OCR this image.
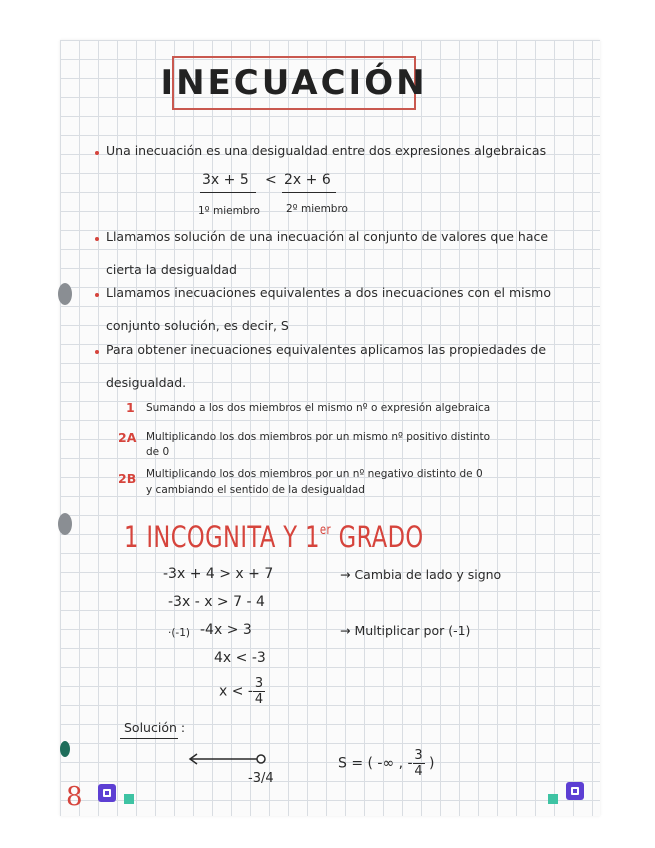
INECUACIÓN
Una inecuación es una desigualdad entre dos expresiones algebraicas
3x + 5 < 2x + 6
1º miembro 2º miembro
Llamamos solución de una inecuación al conjunto de valores que hace
cierta la desigualdad
Llamamos inecuaciones equivalentes a dos inecuaciones con el mismo
conjunto solución, es decir, S
Para obtener inecuaciones equivalentes aplicamos las propiedades de
desigualdad.
1 Sumando a los dos miembros el mismo nº o expresión algebraica
2A Multiplicando los dos miembros por un mismo nº positivo distinto
de 0
2B Multiplicando los dos miembros por un nº negativo distinto de 0
y cambiando el sentido de la desigualdad
1 INCOGNITA Y 1er GRADO
-3x + 4 > x + 7	→ Cambia de lado y signo
-3x - x > 7 - 4
·(-1) -4x > 3	→ Multiplicar por (-1)
4x < -3
x < - $\frac{3}{4}$
Solución :
-3/4
S = ( -∞ , - $\frac{3}{4}$ )
8
